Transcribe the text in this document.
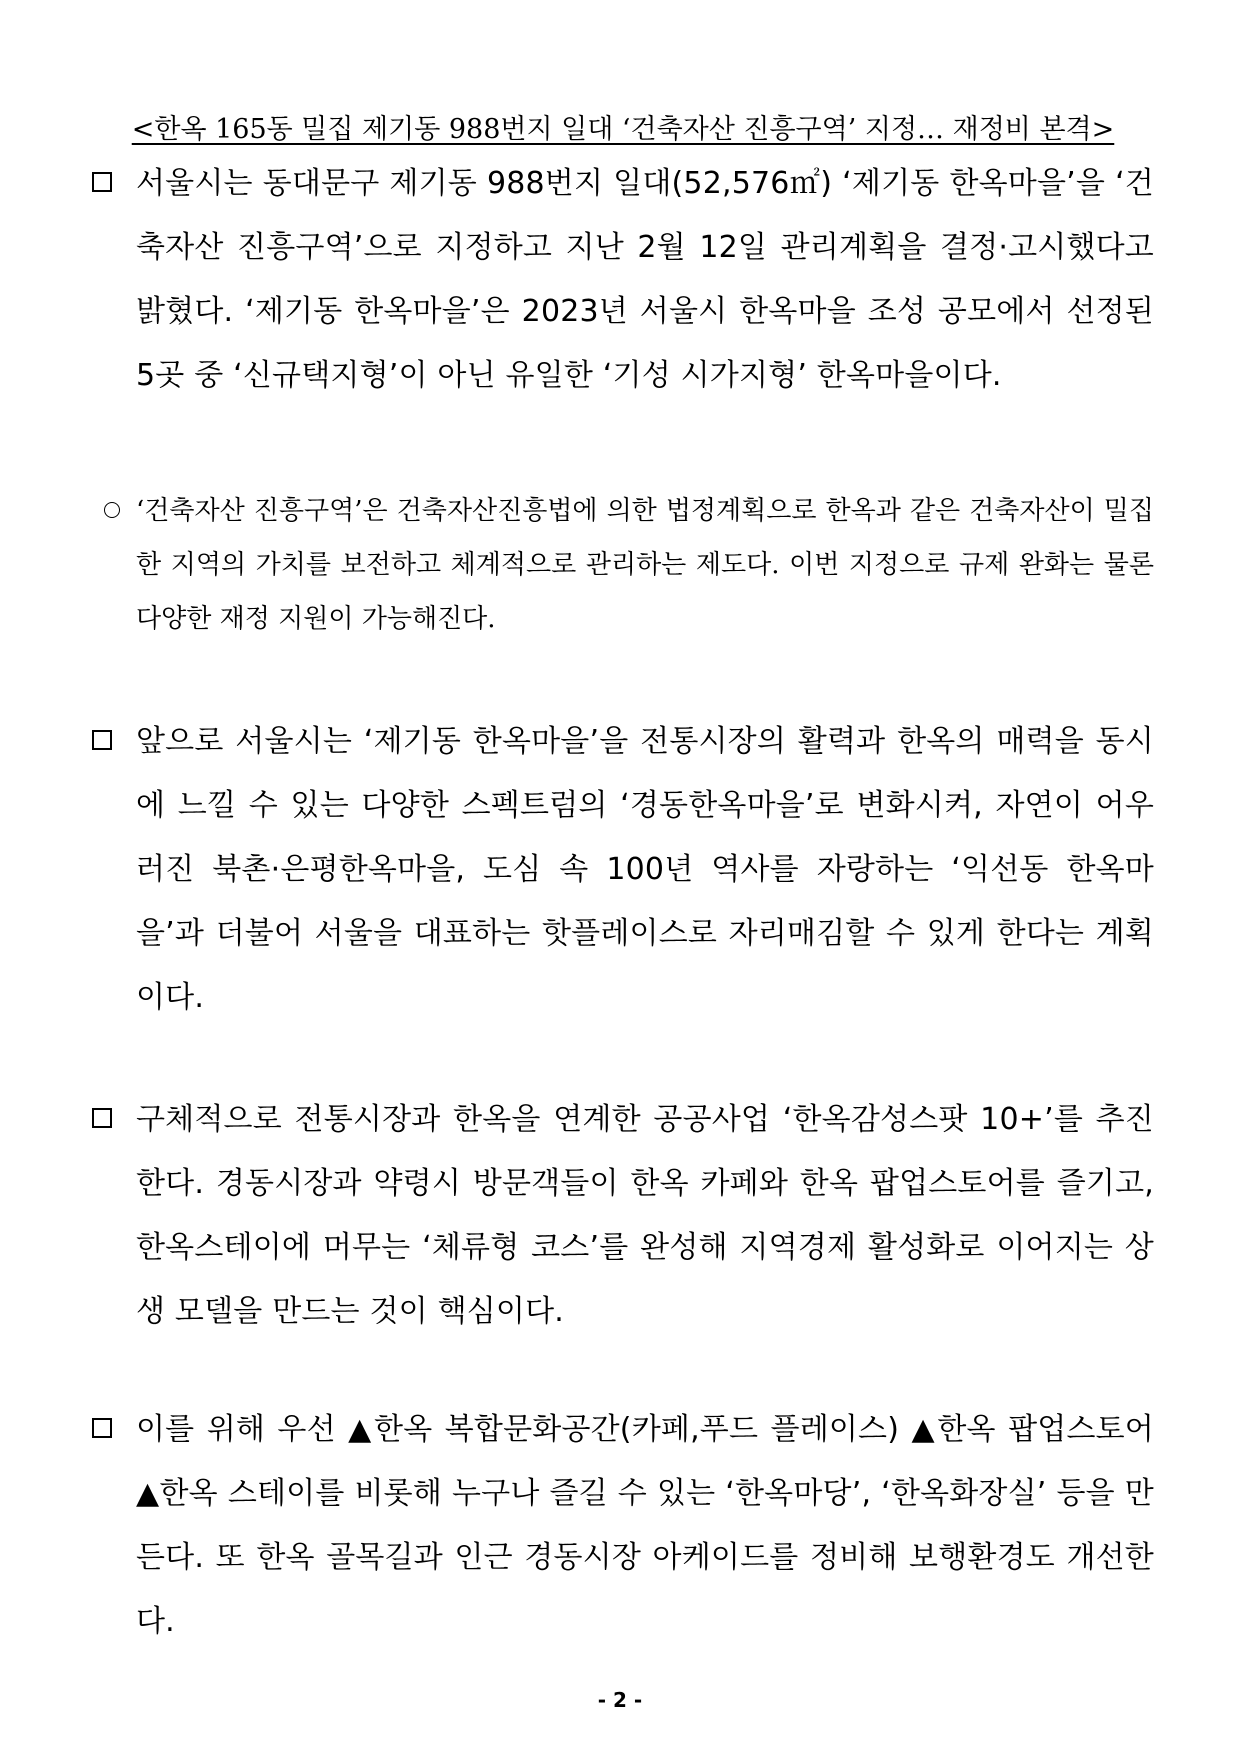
<한옥 165동 밀집 제기동 988번지 일대 ‘건축자산 진흥구역’ 지정… 재정비 본격>
서울시는 동대문구 제기동 988번지 일대(52,576㎡) ‘제기동 한옥마을’을 ‘건축자산 진흥구역’으로 지정하고 지난 2월 12일 관리계획을 결정·고시했다고 밝혔다. ‘제기동 한옥마을’은 2023년 서울시 한옥마을 조성 공모에서 선정된 5곳 중 ‘신규택지형’이 아닌 유일한 ‘기성 시가지형’ 한옥마을이다.
‘건축자산 진흥구역’은 건축자산진흥법에 의한 법정계획으로 한옥과 같은 건축자산이 밀집한 지역의 가치를 보전하고 체계적으로 관리하는 제도다. 이번 지정으로 규제 완화는 물론 다양한 재정 지원이 가능해진다.
앞으로 서울시는 ‘제기동 한옥마을’을 전통시장의 활력과 한옥의 매력을 동시에 느낄 수 있는 다양한 스펙트럼의 ‘경동한옥마을’로 변화시켜, 자연이 어우러진 북촌·은평한옥마을, 도심 속 100년 역사를 자랑하는 ‘익선동 한옥마을’과 더불어 서울을 대표하는 핫플레이스로 자리매김할 수 있게 한다는 계획이다.
구체적으로 전통시장과 한옥을 연계한 공공사업 ‘한옥감성스팟 10+’를 추진한다. 경동시장과 약령시 방문객들이 한옥 카페와 한옥 팝업스토어를 즐기고, 한옥스테이에 머무는 ‘체류형 코스’를 완성해 지역경제 활성화로 이어지는 상생 모델을 만드는 것이 핵심이다.
이를 위해 우선 ▲한옥 복합문화공간(카페,푸드 플레이스) ▲한옥 팝업스토어 ▲한옥 스테이를 비롯해 누구나 즐길 수 있는 ‘한옥마당’, ‘한옥화장실’ 등을 만든다. 또 한옥 골목길과 인근 경동시장 아케이드를 정비해 보행환경도 개선한다.
- 2 -
